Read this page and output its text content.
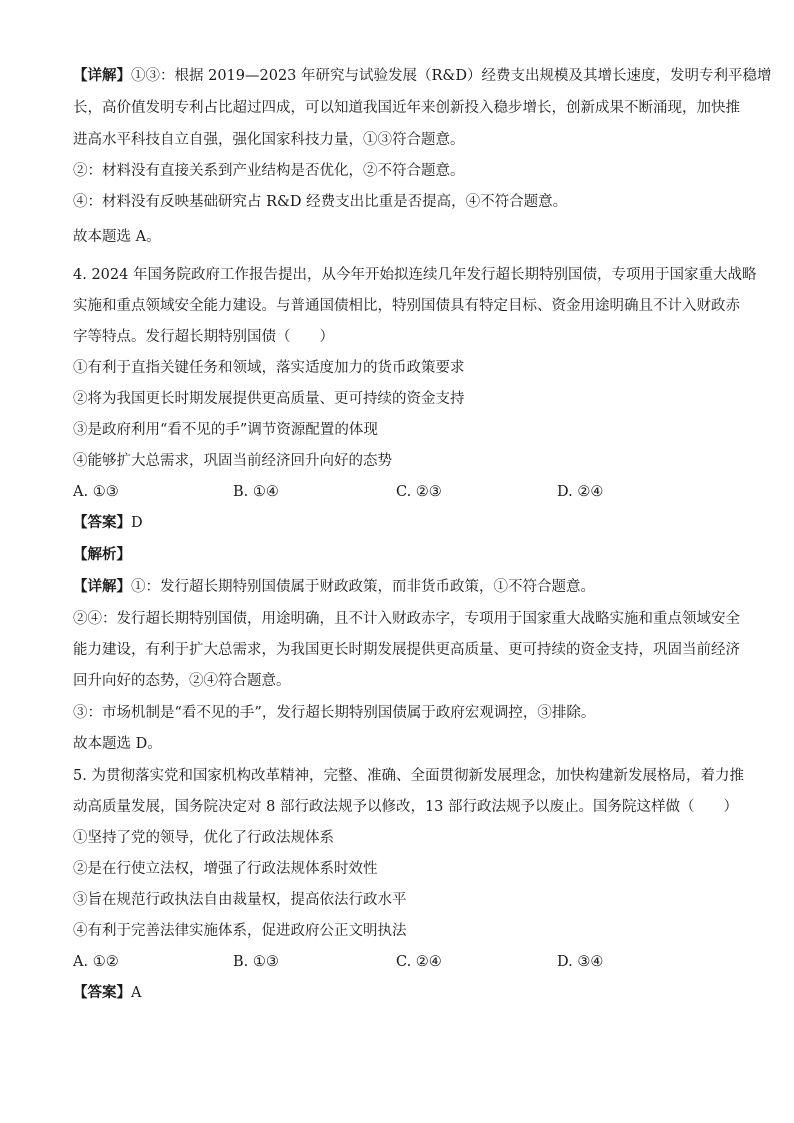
【详解】①③：根据 2019—2023 年研究与试验发展（R&D）经费支出规模及其增长速度，发明专利平稳增
长，高价值发明专利占比超过四成，可以知道我国近年来创新投入稳步增长，创新成果不断涌现，加快推
进高水平科技自立自强，强化国家科技力量，①③符合题意。
②：材料没有直接关系到产业结构是否优化，②不符合题意。
④：材料没有反映基础研究占 R&D 经费支出比重是否提高，④不符合题意。
故本题选 A。
4. 2024 年国务院政府工作报告提出，从今年开始拟连续几年发行超长期特别国债，专项用于国家重大战略
实施和重点领域安全能力建设。与普通国债相比，特别国债具有特定目标、资金用途明确且不计入财政赤
字等特点。发行超长期特别国债（　　）
①有利于直指关键任务和领域，落实适度加力的货币政策要求
②将为我国更长时期发展提供更高质量、更可持续的资金支持
③是政府利用“看不见的手”调节资源配置的体现
④能够扩大总需求，巩固当前经济回升向好的态势
A. ①③	B. ①④	C. ②③	D. ②④
【答案】D
【解析】
【详解】①：发行超长期特别国债属于财政政策，而非货币政策，①不符合题意。
②④：发行超长期特别国债，用途明确，且不计入财政赤字，专项用于国家重大战略实施和重点领域安全
能力建设，有利于扩大总需求，为我国更长时期发展提供更高质量、更可持续的资金支持，巩固当前经济
回升向好的态势，②④符合题意。
③：市场机制是“看不见的手”，发行超长期特别国债属于政府宏观调控，③排除。
故本题选 D。
5. 为贯彻落实党和国家机构改革精神，完整、准确、全面贯彻新发展理念，加快构建新发展格局，着力推
动高质量发展，国务院决定对 8 部行政法规予以修改，13 部行政法规予以废止。国务院这样做（　　）
①坚持了党的领导，优化了行政法规体系
②是在行使立法权，增强了行政法规体系时效性
③旨在规范行政执法自由裁量权，提高依法行政水平
④有利于完善法律实施体系，促进政府公正文明执法
A. ①②	B. ①③	C. ②④	D. ③④
【答案】A
